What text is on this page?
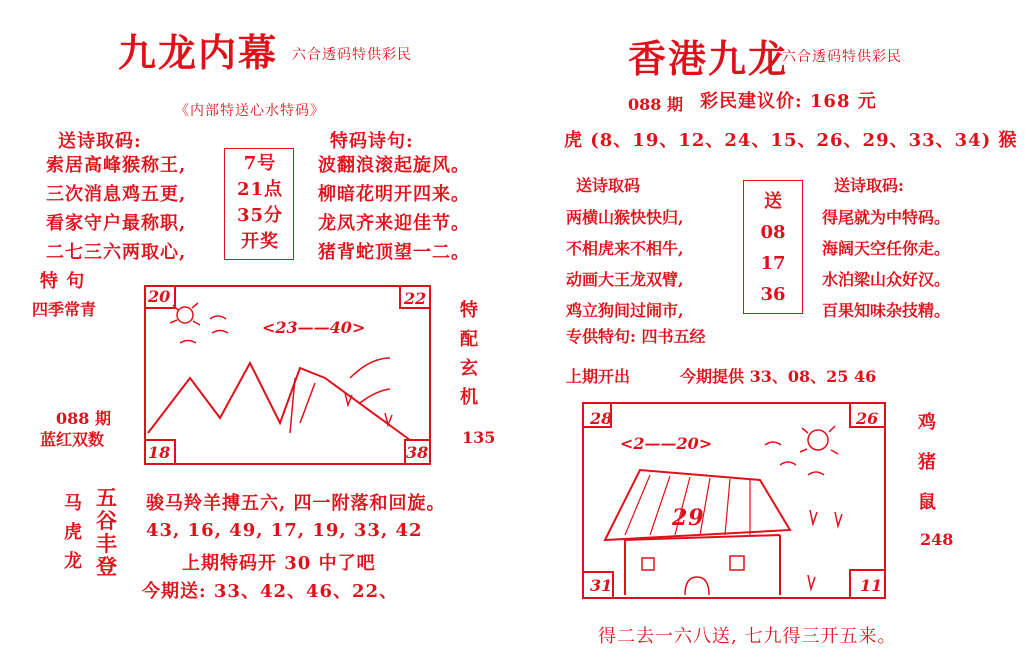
九龙内幕 六合透码特供彩民
《内部特送心水特码》
送诗取码:	特码诗句:
索居高峰猴称王,
三次消息鸡五更,
看家守户最称职,
二七三六两取心,
7号
21点
35分
开奖
波翻浪滚起旋风。
柳暗花明开四来。
龙凤齐来迎佳节。
猪背蛇顶望一二。
特 句
四季常青
088 期
蓝红双数
特
配
玄
机
135
20	22
18	38
<23——40>
马
虎
龙
五
谷
丰
登
骏马羚羊搏五六, 四一附落和回旋。
43, 16, 49, 17, 19, 33, 42
上期特码开 30 中了吧
今期送: 33、42、46、22、
香港九龙
六合透码特供彩民
088 期 彩民建议价: 168 元
虎 (8、19、12、24、15、26、29、33、34) 猴
送诗取码	送诗取码:
两横山猴快快归,
不相虎来不相牛,
动画大王龙双臂,
鸡立狗间过闹市,
送
08
17
36
得尾就为中特码。
海阔天空任你走。
水泊梁山众好汉。
百果知味杂技精。
专供特句: 四书五经
上期开出	今期提供 33、08、25 46
28	26
31	11
<2——20>
29
鸡
猪
鼠
248
得二去一六八送, 七九得三开五来。
